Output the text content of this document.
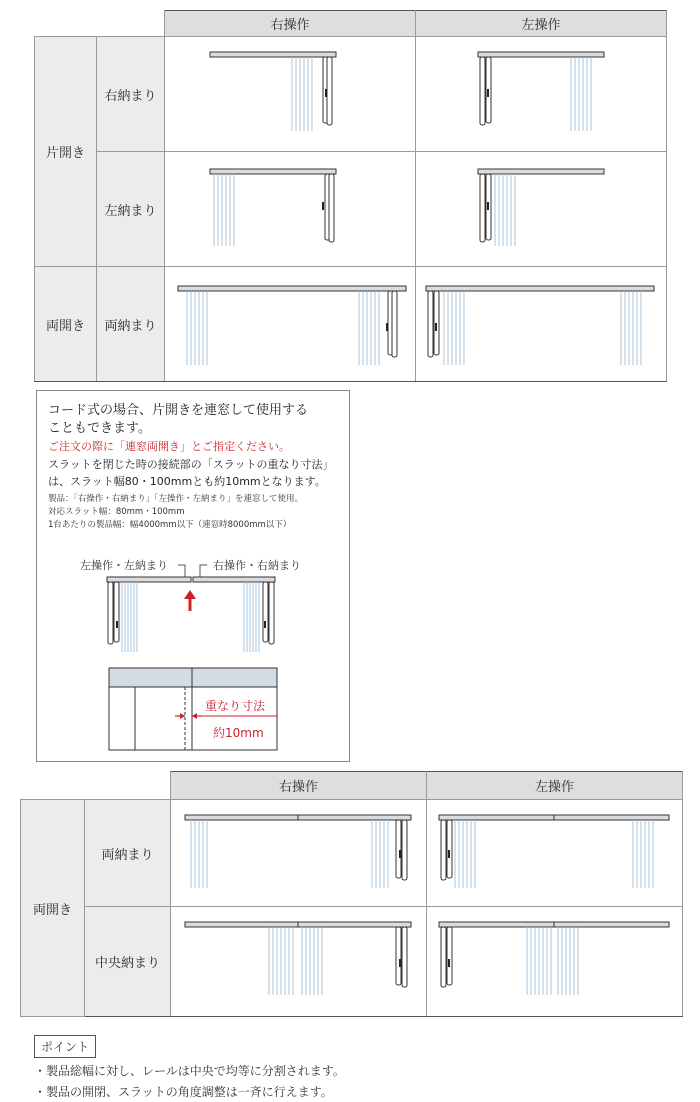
		右操作	左操作
片開き	右納まり	

	左納まり	

両開き	両納まり	

コード式の場合、片開きを連窓して使用する
こともできます。
ご注文の際に「連窓両開き」とご指定ください。
スラットを閉じた時の接続部の「スラットの重なり寸法」
は、スラット幅80・100mmとも約10mmとなります。
製品：「右操作・右納まり」「左操作・左納まり」を連窓して使用。
対応スラット幅：80mm・100mm
1台あたりの製品幅：幅4000mm以下（連窓時8000mm以下）
左操作・左納まり	右操作・右納まり
重なり寸法
約10mm
		右操作	左操作
両開き	両納まり	

	中央納まり	

ポイント
・製品総幅に対し、レールは中央で均等に分割されます。
・製品の開閉、スラットの角度調整は一斉に行えます。
